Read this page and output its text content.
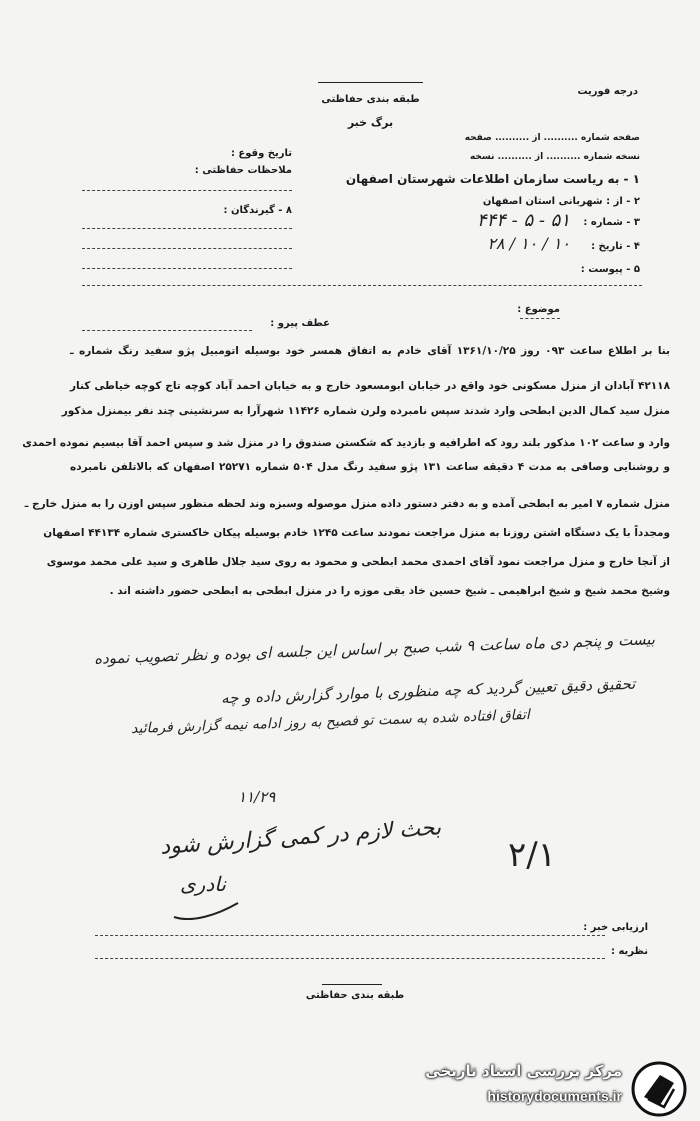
درجه فوریت
طبقه بندی حفاظتی
برگ خبر
تاریخ وقوع :
ملاحظات حفاظتی :
۸ - گیرندگان :
صفحه شماره .......... از .......... صفحه
نسخه شماره .......... از .......... نسخه
۱ - به ریاست سازمان اطلاعات شهرستان اصفهان
۲ - از : شهربانی استان اصفهان
۳ - شماره :
۵۱ - ۵ - ۴۴۴
۴ - تاریخ :
۱۰ / ۱۰ / ۲۸
۵ - پیوست :
موضوع :
عطف پیرو :
بنا بر اطلاع ساعت ۰۹۳ روز ۱۳۶۱/۱۰/۲۵ آقای خادم به اتفاق همسر خود بوسیله اتومبیل پژو سفید رنگ شماره ـ
۴۲۱۱۸ آبادان از منزل مسکونی خود واقع در خیابان ابومسعود خارج و به خیابان احمد آباد کوچه تاج کوچه خیاطی کنار
منزل سید کمال الدین ابطحی وارد شدند سپس نامبرده ولرن شماره ۱۱۴۲۶ شهرآرا به سرنشینی چند نفر بیمنزل مذکور
وارد و ساعت ۱۰۲ مذکور بلند رود که اطرافیه و بازدید که شکستن صندوق را در منزل شد و سپس احمد آقا بیسیم نموده احمدی
و روشنایی وصافی به مدت ۴ دقیقه ساعت ۱۳۱ پژو سفید رنگ مدل ۵۰۴ شماره ۲۵۲۷۱ اصفهان که بالاتلفن نامبرده
منزل شماره ۷ امیر به ابطحی آمده و به دفتر دستور داده منزل موصوله وسبزه وند لحظه منظور سپس اوزن را به منزل خارج ـ
ومجدداً با یک دستگاه اشتن روزنا به منزل مراجعت نمودند ساعت ۱۲۴۵ خادم بوسیله پیکان خاکستری شماره ۴۴۱۳۴ اصفهان
از آنجا خارج و منزل مراجعت نمود آقای احمدی محمد ابطحی و محمود به روی سید جلال طاهری و سید علی محمد موسوی
وشیخ محمد شیخ و شیخ ابراهیمی ـ شیخ حسین خاد بقی موزه را در منزل ابطحی به ابطحی حضور داشته اند .
بیست و پنجم دی ماه ساعت ۹ شب صبح بر اساس این جلسه ای بوده و نظر تصویب نموده
تحقیق دقیق تعیین گردید که چه منظوری با موارد گزارش داده و چه
اتفاق افتاده شده به سمت تو فصیح به روز ادامه نیمه گزارش فرمائید
۱۱/۲۹
بحث لازم در کمی گزارش شود
نادری
۲/۱
ارزیابی خبر :
نظریه :
طبقه بندی حفاظتی
مرکز بررسی اسناد تاریخی
historydocuments.ir
